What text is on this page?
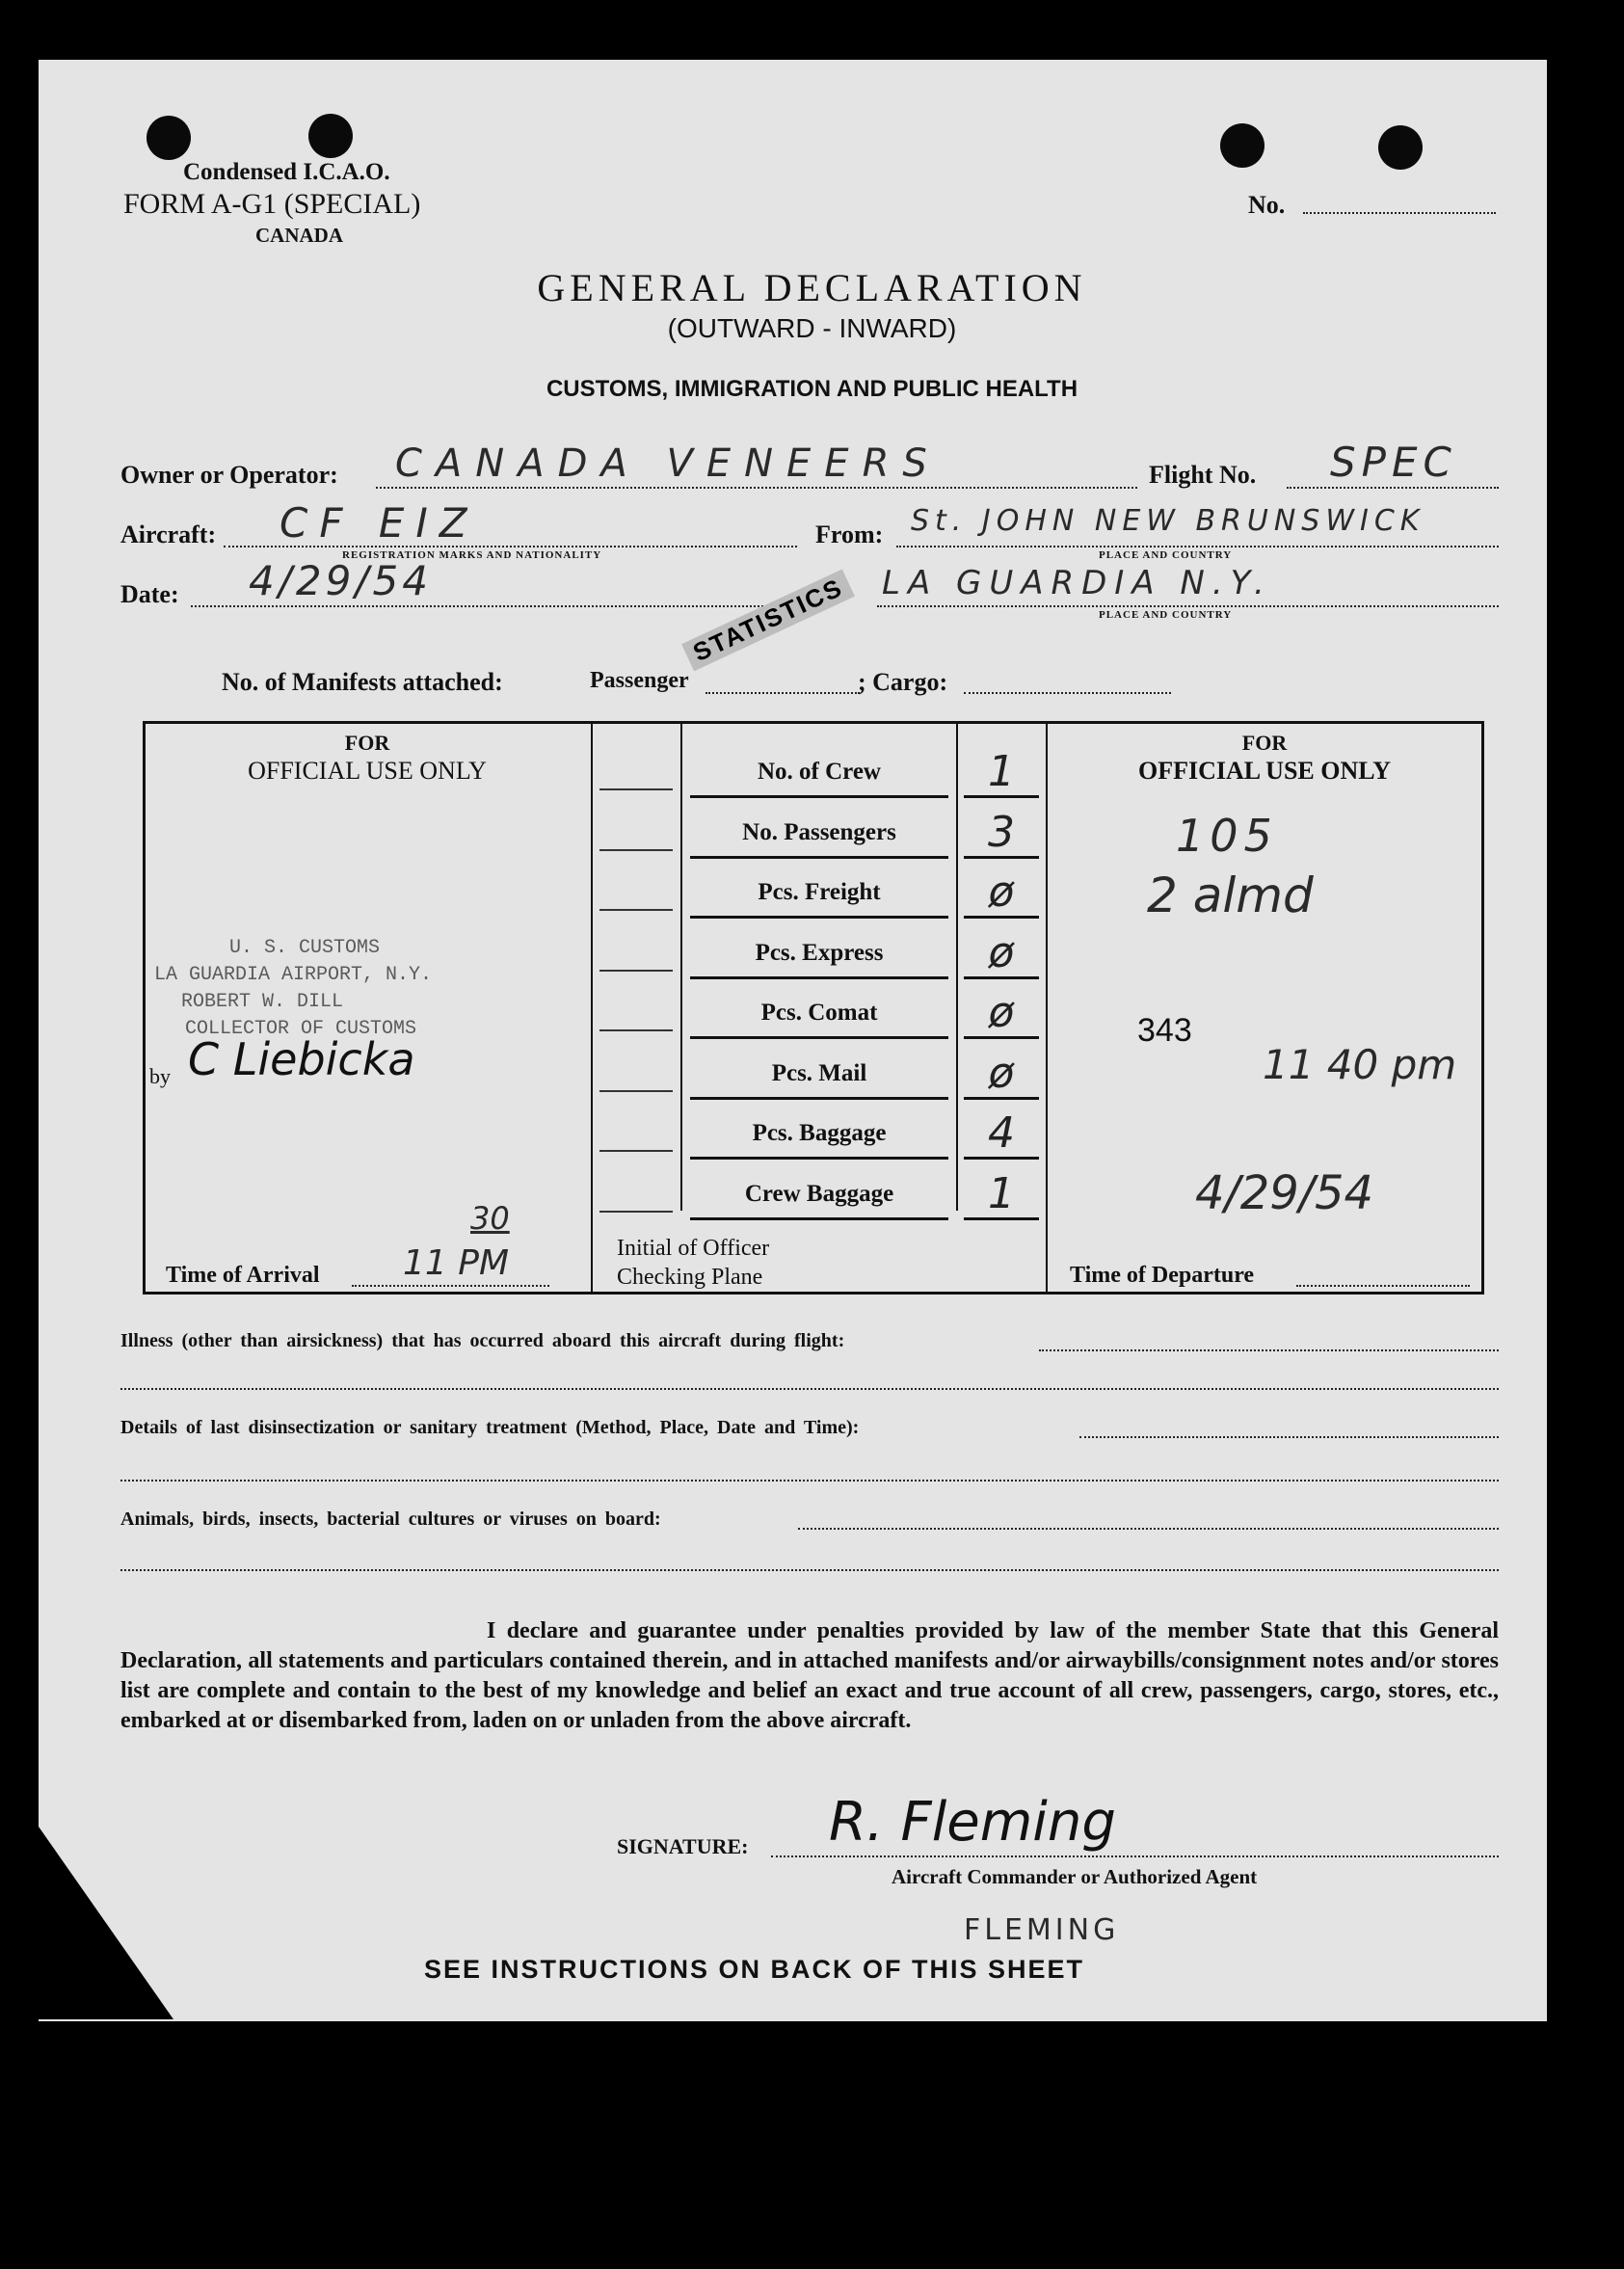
Condensed I.C.A.O.
FORM A-G1 (SPECIAL)
CANADA
No.
GENERAL DECLARATION
(OUTWARD - INWARD)
CUSTOMS, IMMIGRATION AND PUBLIC HEALTH
Owner or Operator: CANADA VENEERS	Flight No. SPEC
Aircraft: CF EIZ
REGISTRATION MARKS AND NATIONALITY
From: St. JOHN NEW BRUNSWICK
PLACE AND COUNTRY
Date: 4/29/54	LA GUARDIA N.Y.
PLACE AND COUNTRY
STATISTICS
No. of Manifests attached:	Passenger	; Cargo:
FOR
OFFICIAL USE ONLY
FOR
OFFICIAL USE ONLY
No. of Crew	1
No. Passengers	3
Pcs. Freight	ø
Pcs. Express	ø
Pcs. Comat	ø
Pcs. Mail	ø
Pcs. Baggage	4
Crew Baggage	1
U. S. CUSTOMS
LA GUARDIA AIRPORT, N.Y.
ROBERT W. DILL
COLLECTOR OF CUSTOMS
by C Liebicka
Time of Arrival 11 PM
30
Initial of Officer
Checking Plane	Time of Departure
105
2 almd
343
11 40 pm
4/29/54
Illness (other than airsickness) that has occurred aboard this aircraft during flight:
Details of last disinsectization or sanitary treatment (Method, Place, Date and Time):
Animals, birds, insects, bacterial cultures or viruses on board:
I declare and guarantee under penalties provided by law of the member State that this General Declaration, all statements and particulars contained therein, and in attached manifests and/or airwaybills/consignment notes and/or stores list are complete and contain to the best of my knowledge and belief an exact and true account of all crew, passengers, cargo, stores, etc., embarked at or disembarked from, laden on or unladen from the above aircraft.
SIGNATURE: R. Fleming
Aircraft Commander or Authorized Agent
FLEMING
SEE INSTRUCTIONS ON BACK OF THIS SHEET
